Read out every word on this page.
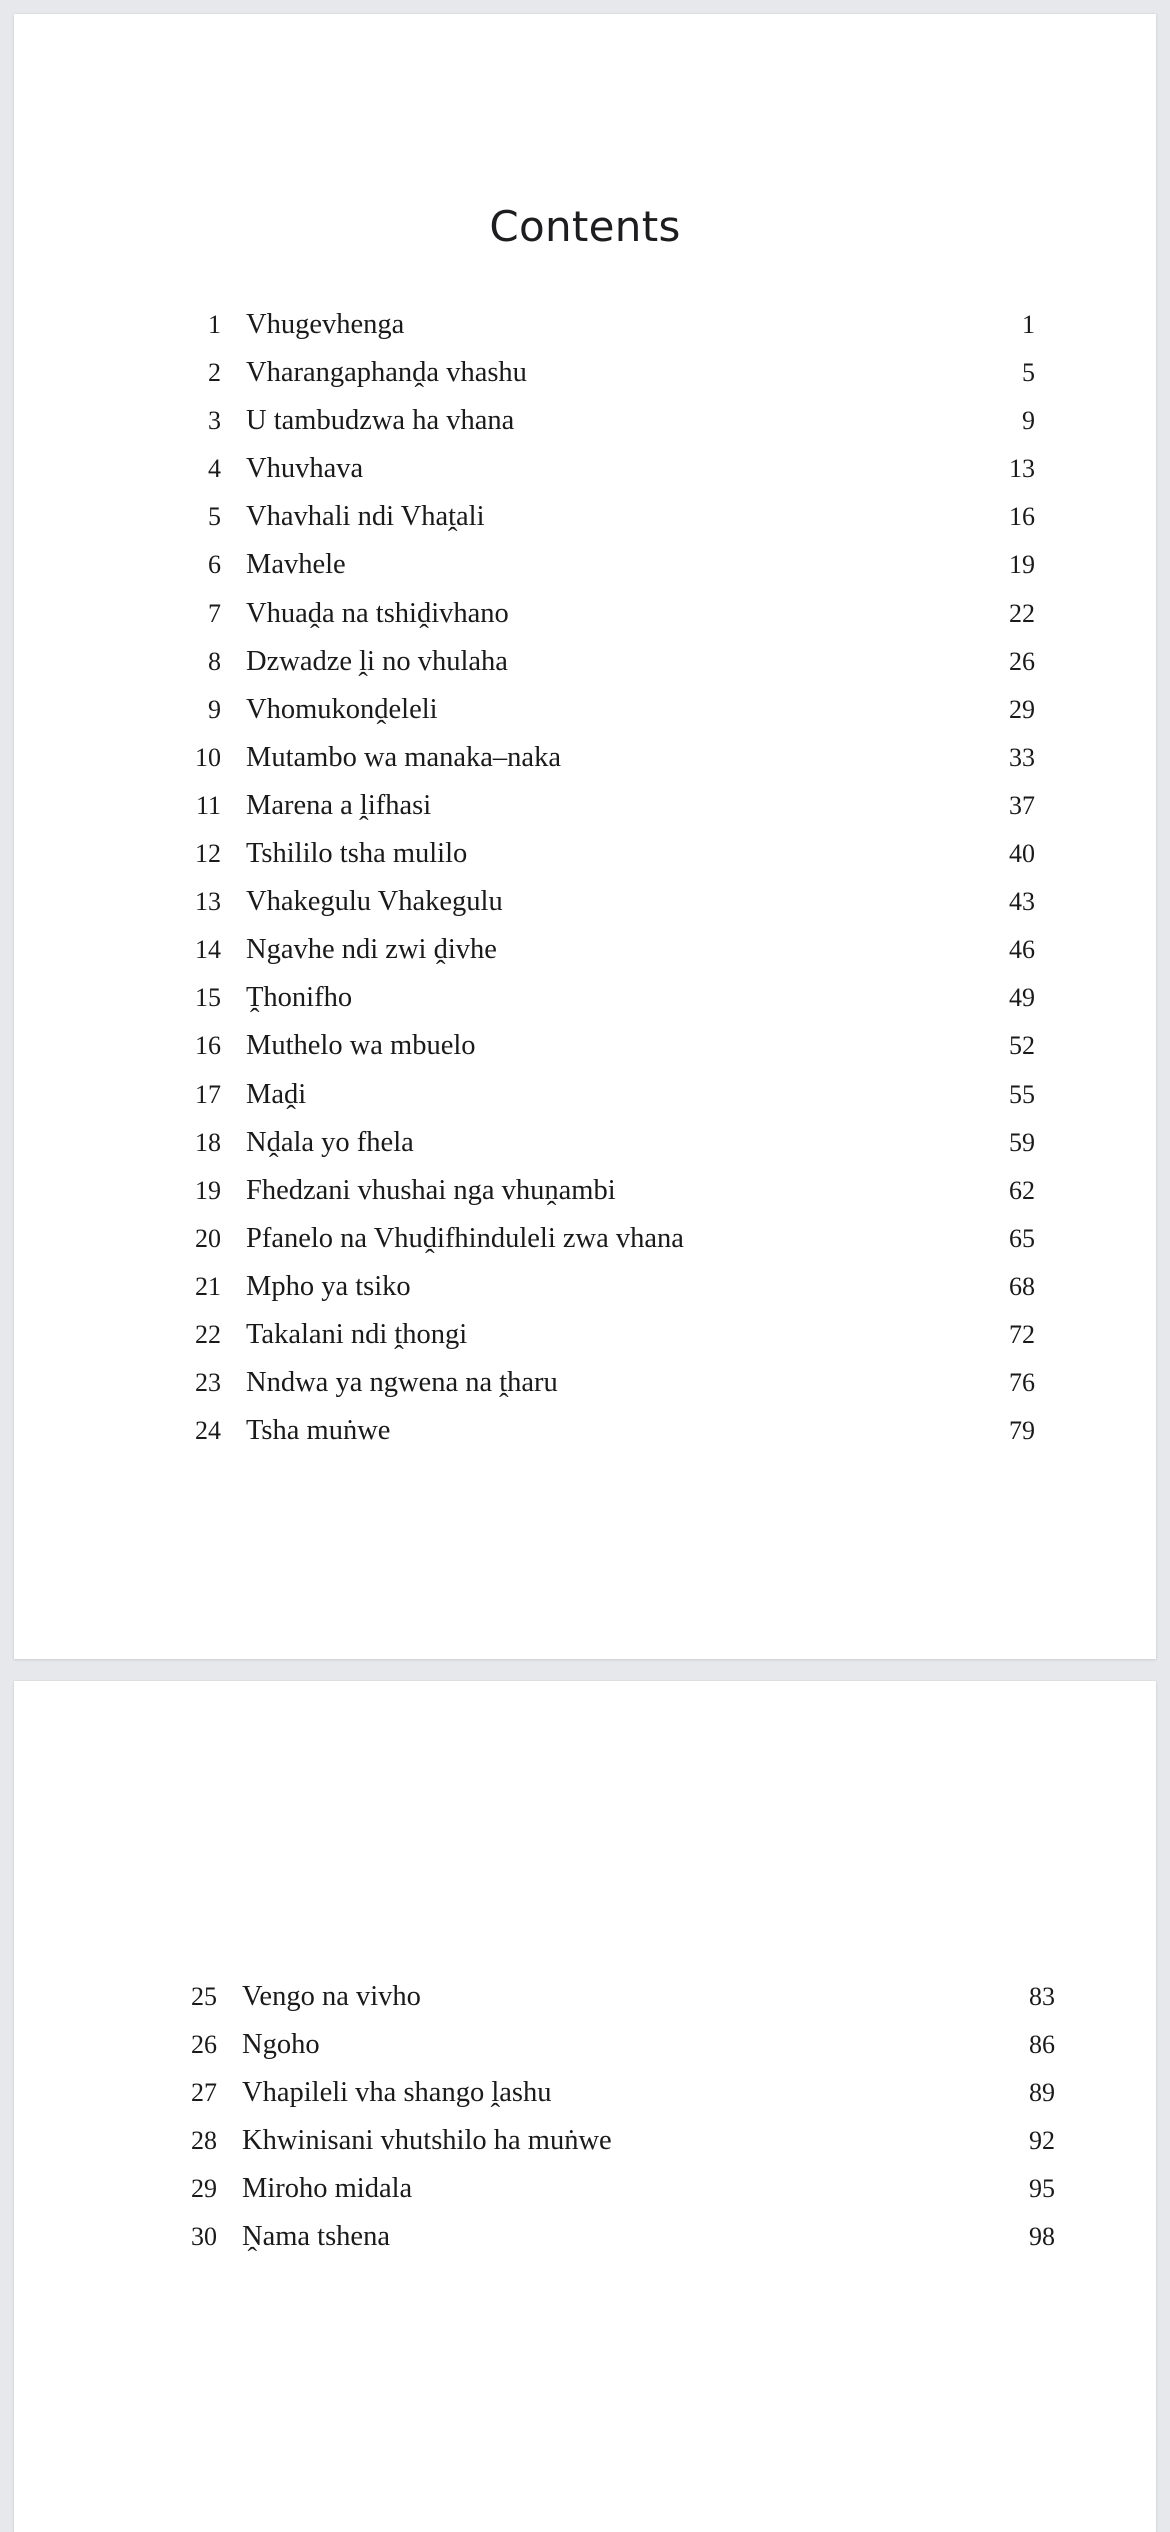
Contents
1 Vhugevhenga	1
2 Vharangaphanḓa vhashu	5
3 U tambudzwa ha vhana	9
4 Vhuvhava	13
5 Vhavhali ndi Vhaṱali	16
6 Mavhele	19
7 Vhuaḓa na tshiḓivhano	22
8 Dzwadze ḽi no vhulaha	26
9 Vhomukonḓeleli	29
10 Mutambo wa manaka–naka	33
11 Marena a ḽifhasi	37
12 Tshililo tsha mulilo	40
13 Vhakegulu Vhakegulu	43
14 Ngavhe ndi zwi ḓivhe	46
15 Ṱhonifho	49
16 Muthelo wa mbuelo	52
17 Maḓi	55
18 Nḓala yo fhela	59
19 Fhedzani vhushai nga vhuṋambi	62
20 Pfanelo na Vhuḓifhinduleli zwa vhana	65
21 Mpho ya tsiko	68
22 Takalani ndi ṱhongi	72
23 Nndwa ya ngwena na ṱharu	76
24 Tsha muṅwe	79
25 Vengo na vivho	83
26 Ngoho	86
27 Vhapileli vha shango ḽashu	89
28 Khwinisani vhutshilo ha muṅwe	92
29 Miroho midala	95
30 Ṋama tshena	98
